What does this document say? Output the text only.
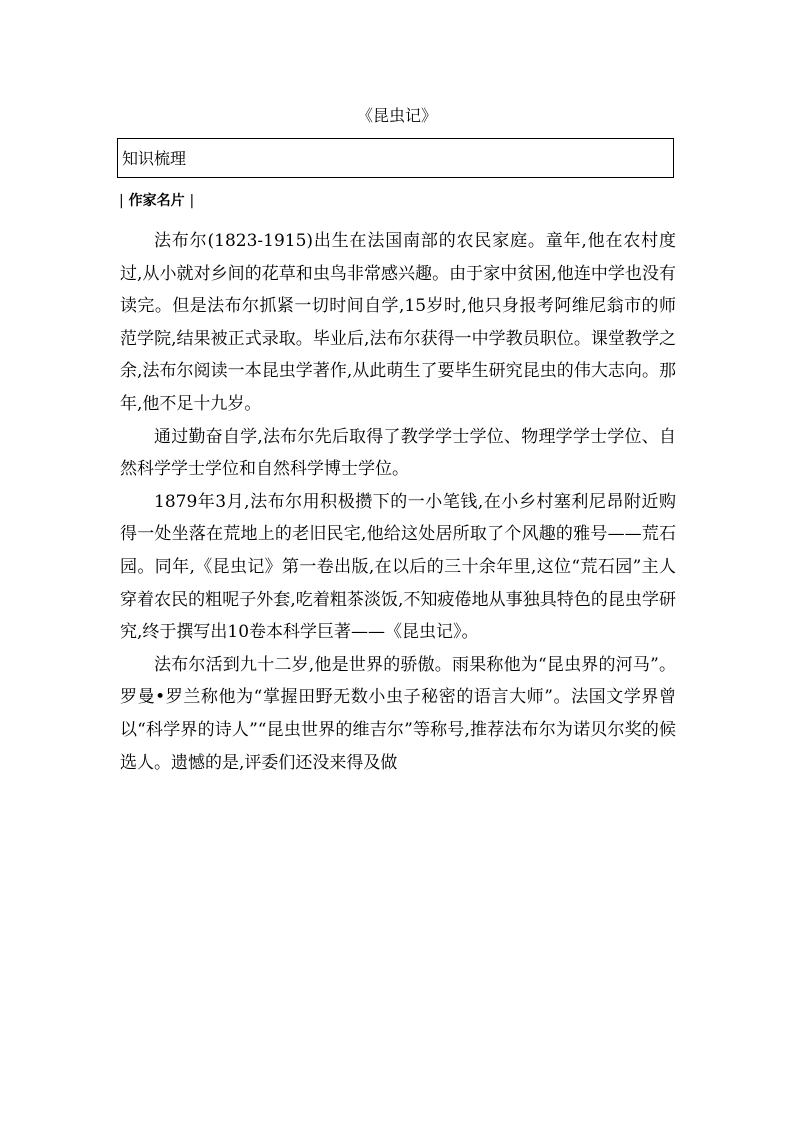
《昆虫记》
知识梳理
| 作家名片 |

法布尔(1823-1915)出生在法国南部的农民家庭。童年,他在农村度过,从小就对乡间的花草和虫鸟非常感兴趣。由于家中贫困,他连中学也没有读完。但是法布尔抓紧一切时间自学,15岁时,他只身报考阿维尼翁市的师范学院,结果被正式录取。毕业后,法布尔获得一中学教员职位。课堂教学之余,法布尔阅读一本昆虫学著作,从此萌生了要毕生研究昆虫的伟大志向。那年,他不足十九岁。

通过勤奋自学,法布尔先后取得了教学学士学位、物理学学士学位、自然科学学士学位和自然科学博士学位。

1879年3月,法布尔用积极攒下的一小笔钱,在小乡村塞利尼昂附近购得一处坐落在荒地上的老旧民宅,他给这处居所取了个风趣的雅号——荒石园。同年,《昆虫记》第一卷出版,在以后的三十余年里,这位“荒石园”主人穿着农民的粗呢子外套,吃着粗茶淡饭,不知疲倦地从事独具特色的昆虫学研究,终于撰写出10卷本科学巨著——《昆虫记》。

法布尔活到九十二岁,他是世界的骄傲。雨果称他为“昆虫界的河马”。罗曼•罗兰称他为“掌握田野无数小虫子秘密的语言大师”。法国文学界曾以“科学界的诗人”“昆虫世界的维吉尔”等称号,推荐法布尔为诺贝尔奖的候选人。遗憾的是,评委们还没来得及做
